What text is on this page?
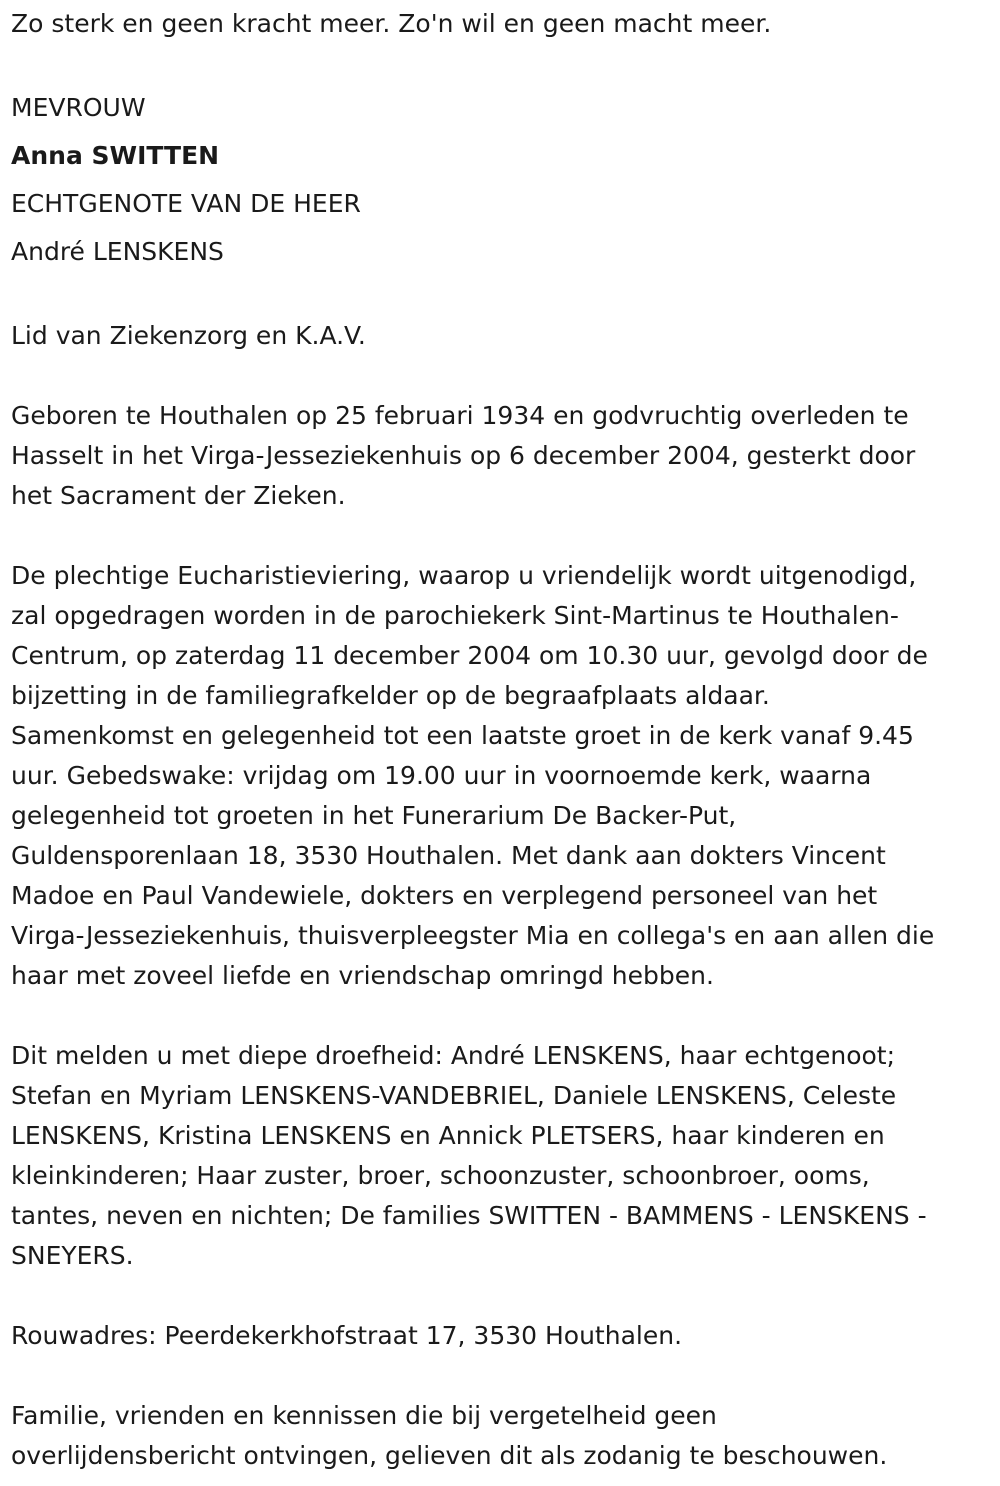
Zo sterk en geen kracht meer. Zo'n wil en geen macht meer.
MEVROUW
Anna SWITTEN
ECHTGENOTE VAN DE HEER
André LENSKENS
Lid van Ziekenzorg en K.A.V.

Geboren te Houthalen op 25 februari 1934 en godvruchtig overleden te
Hasselt in het Virga-Jesseziekenhuis op 6 december 2004, gesterkt door
het Sacrament der Zieken.

De plechtige Eucharistieviering, waarop u vriendelijk wordt uitgenodigd,
zal opgedragen worden in de parochiekerk Sint-Martinus te Houthalen-
Centrum, op zaterdag 11 december 2004 om 10.30 uur, gevolgd door de
bijzetting in de familiegrafkelder op de begraafplaats aldaar.
Samenkomst en gelegenheid tot een laatste groet in de kerk vanaf 9.45
uur. Gebedswake: vrijdag om 19.00 uur in voornoemde kerk, waarna
gelegenheid tot groeten in het Funerarium De Backer-Put,
Guldensporenlaan 18, 3530 Houthalen. Met dank aan dokters Vincent
Madoe en Paul Vandewiele, dokters en verplegend personeel van het
Virga-Jesseziekenhuis, thuisverpleegster Mia en collega's en aan allen die
haar met zoveel liefde en vriendschap omringd hebben.

Dit melden u met diepe droefheid: André LENSKENS, haar echtgenoot;
Stefan en Myriam LENSKENS-VANDEBRIEL, Daniele LENSKENS, Celeste
LENSKENS, Kristina LENSKENS en Annick PLETSERS, haar kinderen en
kleinkinderen; Haar zuster, broer, schoonzuster, schoonbroer, ooms,
tantes, neven en nichten; De families SWITTEN - BAMMENS - LENSKENS -
SNEYERS.

Rouwadres: Peerdekerkhofstraat 17, 3530 Houthalen.

Familie, vrienden en kennissen die bij vergetelheid geen
overlijdensbericht ontvingen, gelieven dit als zodanig te beschouwen.
